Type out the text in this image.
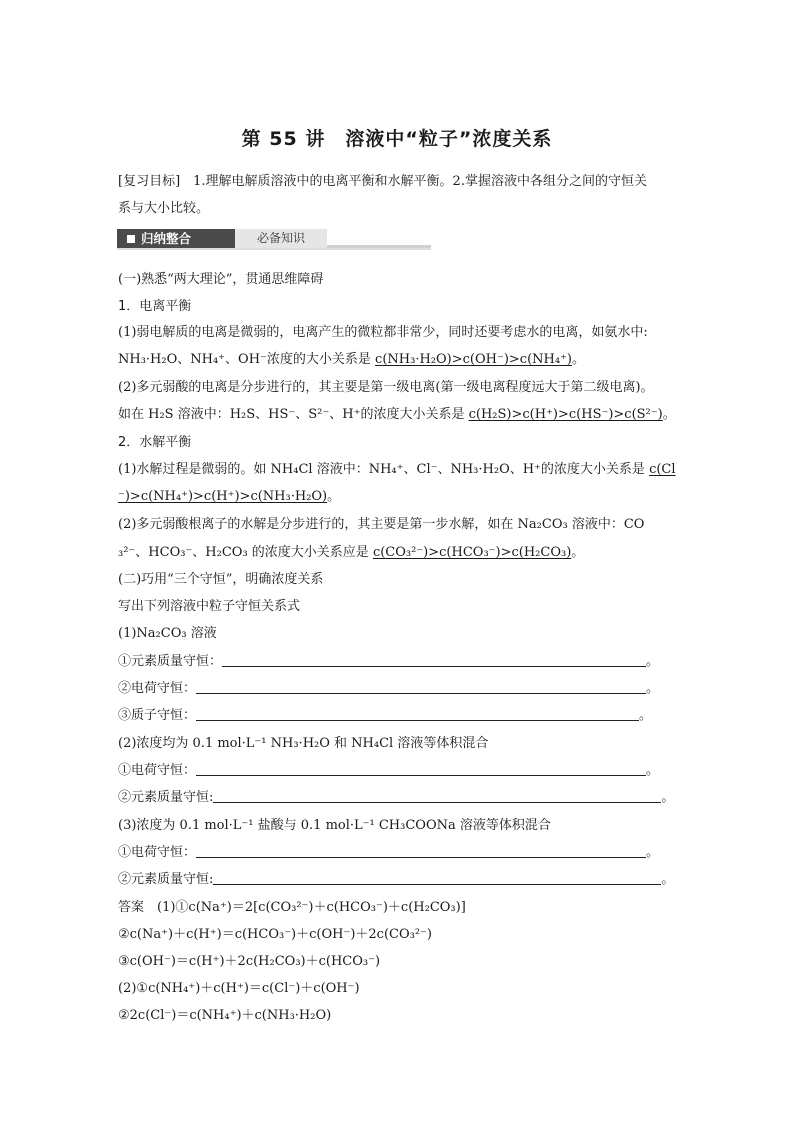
第 55 讲　溶液中“粒子”浓度关系
[复习目标]　1.理解电解质溶液中的电离平衡和水解平衡。2.掌握溶液中各组分之间的守恒关
系与大小比较。
归纳整合	必备知识
(一)熟悉“两大理论”，贯通思维障碍
1．电离平衡
(1)弱电解质的电离是微弱的，电离产生的微粒都非常少，同时还要考虑水的电离，如氨水中:
NH₃·H₂O、NH₄⁺、OH⁻浓度的大小关系是 c(NH₃·H₂O)>c(OH⁻)>c(NH₄⁺)。
(2)多元弱酸的电离是分步进行的，其主要是第一级电离(第一级电离程度远大于第二级电离)。
如在 H₂S 溶液中：H₂S、HS⁻、S²⁻、H⁺的浓度大小关系是 c(H₂S)>c(H⁺)>c(HS⁻)>c(S²⁻)。
2．水解平衡
(1)水解过程是微弱的。如 NH₄Cl 溶液中：NH₄⁺、Cl⁻、NH₃·H₂O、H⁺的浓度大小关系是 c(Cl
⁻)>c(NH₄⁺)>c(H⁺)>c(NH₃·H₂O)。
(2)多元弱酸根离子的水解是分步进行的，其主要是第一步水解，如在 Na₂CO₃ 溶液中：CO
₃²⁻、HCO₃⁻、H₂CO₃ 的浓度大小关系应是 c(CO₃²⁻)>c(HCO₃⁻)>c(H₂CO₃)。
(二)巧用“三个守恒”，明确浓度关系
写出下列溶液中粒子守恒关系式
(1)Na₂CO₃ 溶液
①元素质量守恒：	。
②电荷守恒：	。
③质子守恒：	。
(2)浓度均为 0.1 mol·L⁻¹ NH₃·H₂O 和 NH₄Cl 溶液等体积混合
①电荷守恒：	。
②元素质量守恒:	。
(3)浓度为 0.1 mol·L⁻¹ 盐酸与 0.1 mol·L⁻¹ CH₃COONa 溶液等体积混合
①电荷守恒：	。
②元素质量守恒:	。
答案　(1)①c(Na⁺)＝2[c(CO₃²⁻)＋c(HCO₃⁻)＋c(H₂CO₃)]
②c(Na⁺)＋c(H⁺)＝c(HCO₃⁻)＋c(OH⁻)＋2c(CO₃²⁻)
③c(OH⁻)＝c(H⁺)＋2c(H₂CO₃)＋c(HCO₃⁻)
(2)①c(NH₄⁺)＋c(H⁺)＝c(Cl⁻)＋c(OH⁻)
②2c(Cl⁻)＝c(NH₄⁺)＋c(NH₃·H₂O)
